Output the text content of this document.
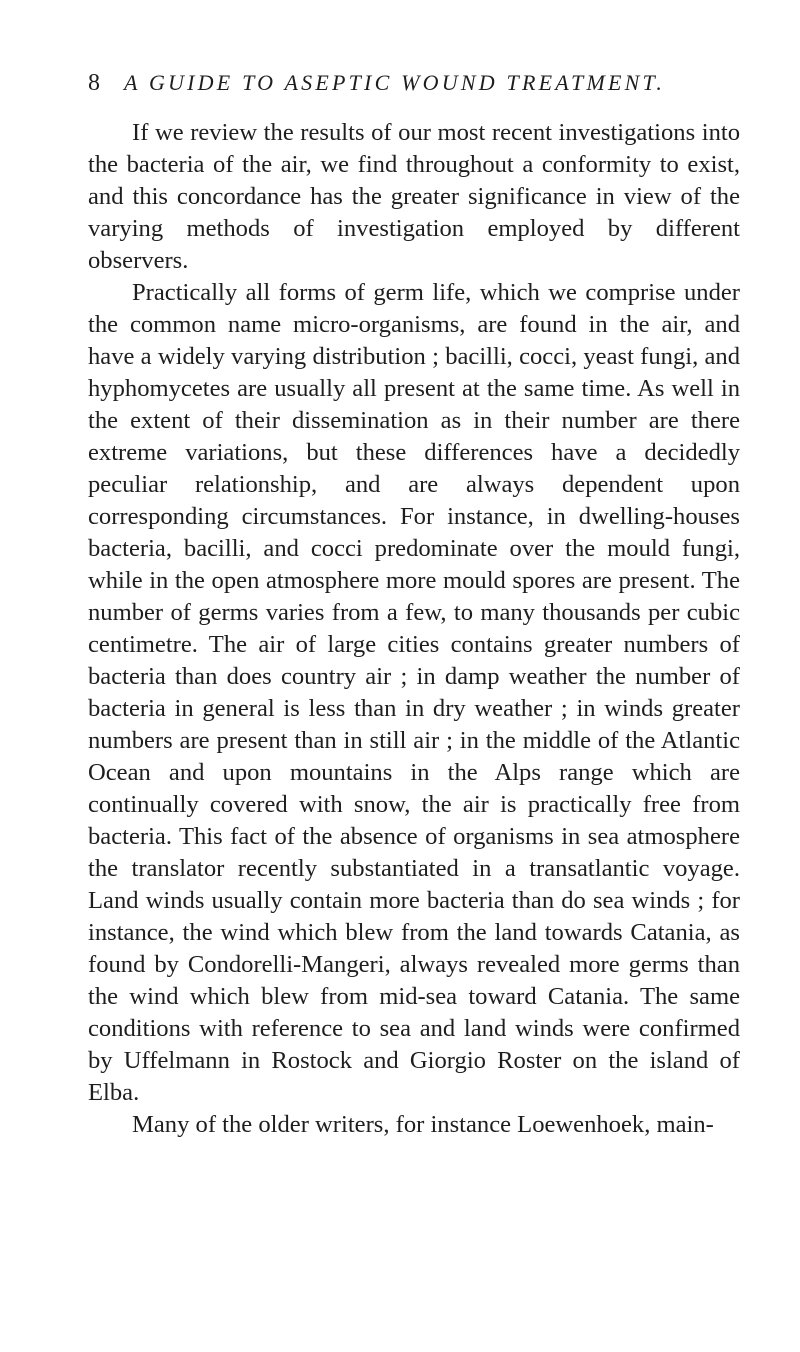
8 A GUIDE TO ASEPTIC WOUND TREATMENT.

If we review the results of our most recent investigations into the bacteria of the air, we find throughout a conformity to exist, and this concordance has the greater significance in view of the varying methods of investigation employed by different observers.

Practically all forms of germ life, which we comprise under the common name micro-organisms, are found in the air, and have a widely varying distribution ; bacilli, cocci, yeast fungi, and hyphomycetes are usually all present at the same time. As well in the extent of their dissemination as in their number are there extreme variations, but these differences have a decidedly peculiar relationship, and are always dependent upon corresponding circumstances. For instance, in dwelling-houses bacteria, bacilli, and cocci predominate over the mould fungi, while in the open atmosphere more mould spores are present. The number of germs varies from a few, to many thousands per cubic centimetre. The air of large cities contains greater numbers of bacteria than does country air ; in damp weather the number of bacteria in general is less than in dry weather ; in winds greater numbers are present than in still air ; in the middle of the Atlantic Ocean and upon mountains in the Alps range which are continually covered with snow, the air is practically free from bacteria. This fact of the absence of organisms in sea atmosphere the translator recently substantiated in a transatlantic voyage. Land winds usually contain more bacteria than do sea winds ; for instance, the wind which blew from the land towards Catania, as found by Condorelli-Mangeri, always revealed more germs than the wind which blew from mid-sea toward Catania. The same conditions with reference to sea and land winds were confirmed by Uffelmann in Rostock and Giorgio Roster on the island of Elba.

Many of the older writers, for instance Loewenhoek, main-
